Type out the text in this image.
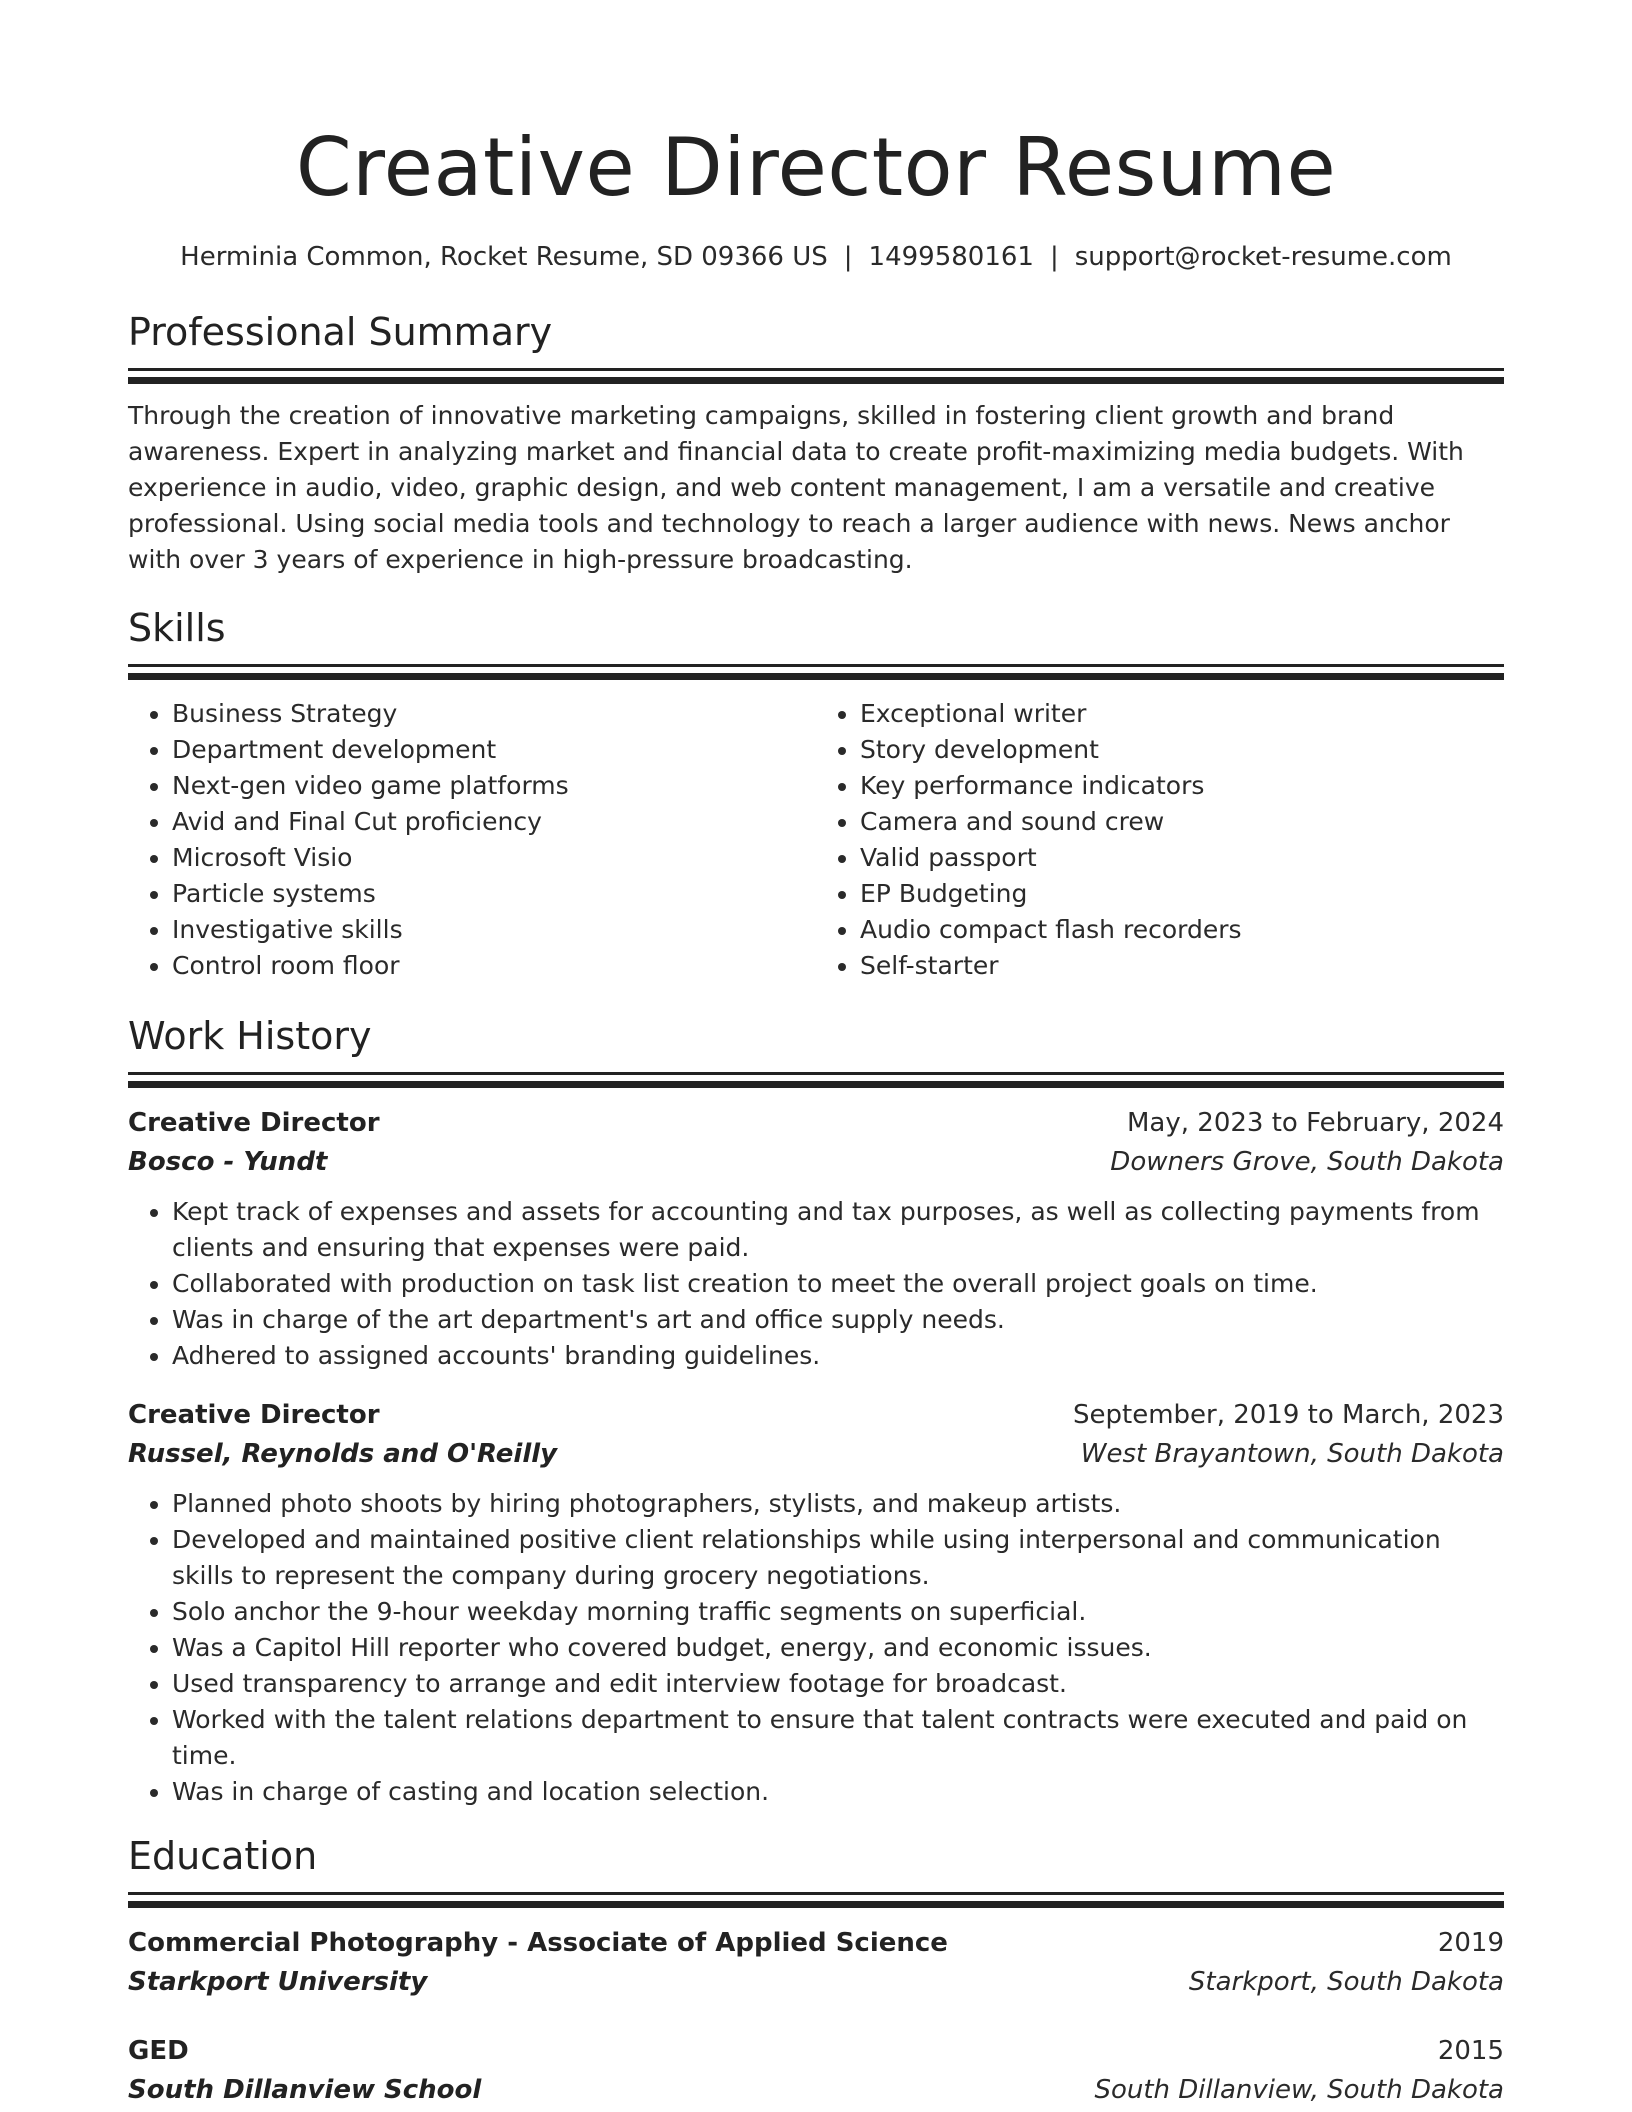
Creative Director Resume
Herminia Common, Rocket Resume, SD 09366 US | 1499580161 | support@rocket-resume.com
Professional Summary

Through the creation of innovative marketing campaigns, skilled in fostering client growth and brand awareness. Expert in analyzing market and financial data to create profit-maximizing media budgets. With experience in audio, video, graphic design, and web content management, I am a versatile and creative professional. Using social media tools and technology to reach a larger audience with news. News anchor with over 3 years of experience in high-pressure broadcasting.

Skills
• Business Strategy
• Department development
• Next-gen video game platforms
• Avid and Final Cut proficiency
• Microsoft Visio
• Particle systems
• Investigative skills
• Control room floor
• Exceptional writer
• Story development
• Key performance indicators
• Camera and sound crew
• Valid passport
• EP Budgeting
• Audio compact flash recorders
• Self-starter
Work History
Creative Director	May, 2023 to February, 2024
Bosco - Yundt	Downers Grove, South Dakota
• Kept track of expenses and assets for accounting and tax purposes, as well as collecting payments from clients and ensuring that expenses were paid.
• Collaborated with production on task list creation to meet the overall project goals on time.
• Was in charge of the art department's art and office supply needs.
• Adhered to assigned accounts' branding guidelines.
Creative Director	September, 2019 to March, 2023
Russel, Reynolds and O'Reilly	West Brayantown, South Dakota
• Planned photo shoots by hiring photographers, stylists, and makeup artists.
• Developed and maintained positive client relationships while using interpersonal and communication skills to represent the company during grocery negotiations.
• Solo anchor the 9-hour weekday morning traffic segments on superficial.
• Was a Capitol Hill reporter who covered budget, energy, and economic issues.
• Used transparency to arrange and edit interview footage for broadcast.
• Worked with the talent relations department to ensure that talent contracts were executed and paid on time.
• Was in charge of casting and location selection.
Education
Commercial Photography - Associate of Applied Science	2019
Starkport University	Starkport, South Dakota
GED	2015
South Dillanview School	South Dillanview, South Dakota
